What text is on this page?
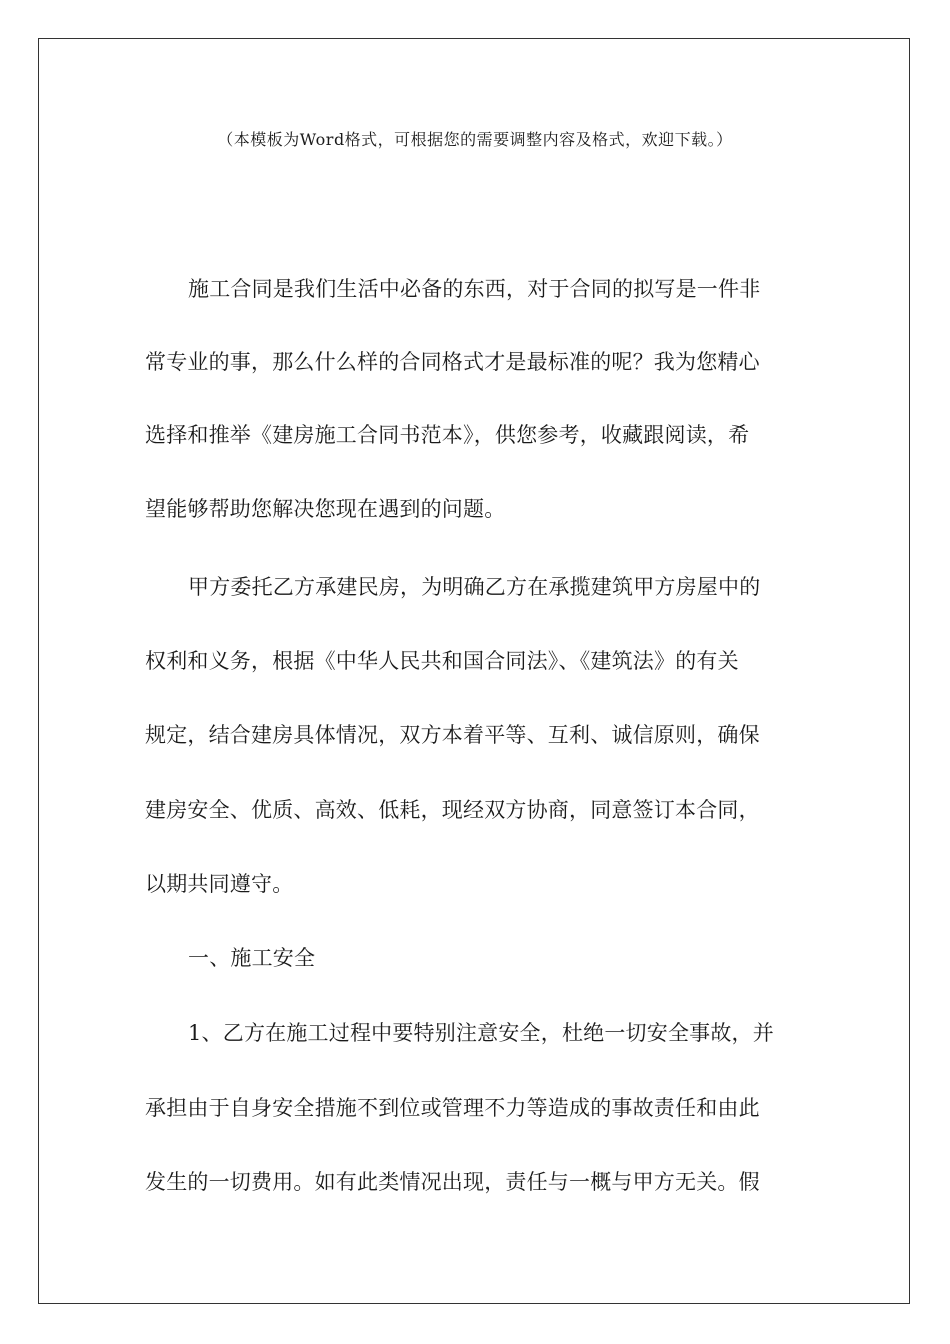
（本模板为Word格式，可根据您的需要调整内容及格式，欢迎下载。）
施工合同是我们生活中必备的东西，对于合同的拟写是一件非
常专业的事，那么什么样的合同格式才是最标准的呢？我为您精心
选择和推举《建房施工合同书范本》，供您参考，收藏跟阅读，希
望能够帮助您解决您现在遇到的问题。
甲方委托乙方承建民房，为明确乙方在承揽建筑甲方房屋中的
权利和义务，根据《中华人民共和国合同法》、《建筑法》的有关
规定，结合建房具体情况，双方本着平等、互利、诚信原则，确保
建房安全、优质、高效、低耗，现经双方协商，同意签订本合同，
以期共同遵守。
一、施工安全
1、乙方在施工过程中要特别注意安全，杜绝一切安全事故，并
承担由于自身安全措施不到位或管理不力等造成的事故责任和由此
发生的一切费用。如有此类情况出现，责任与一概与甲方无关。假
